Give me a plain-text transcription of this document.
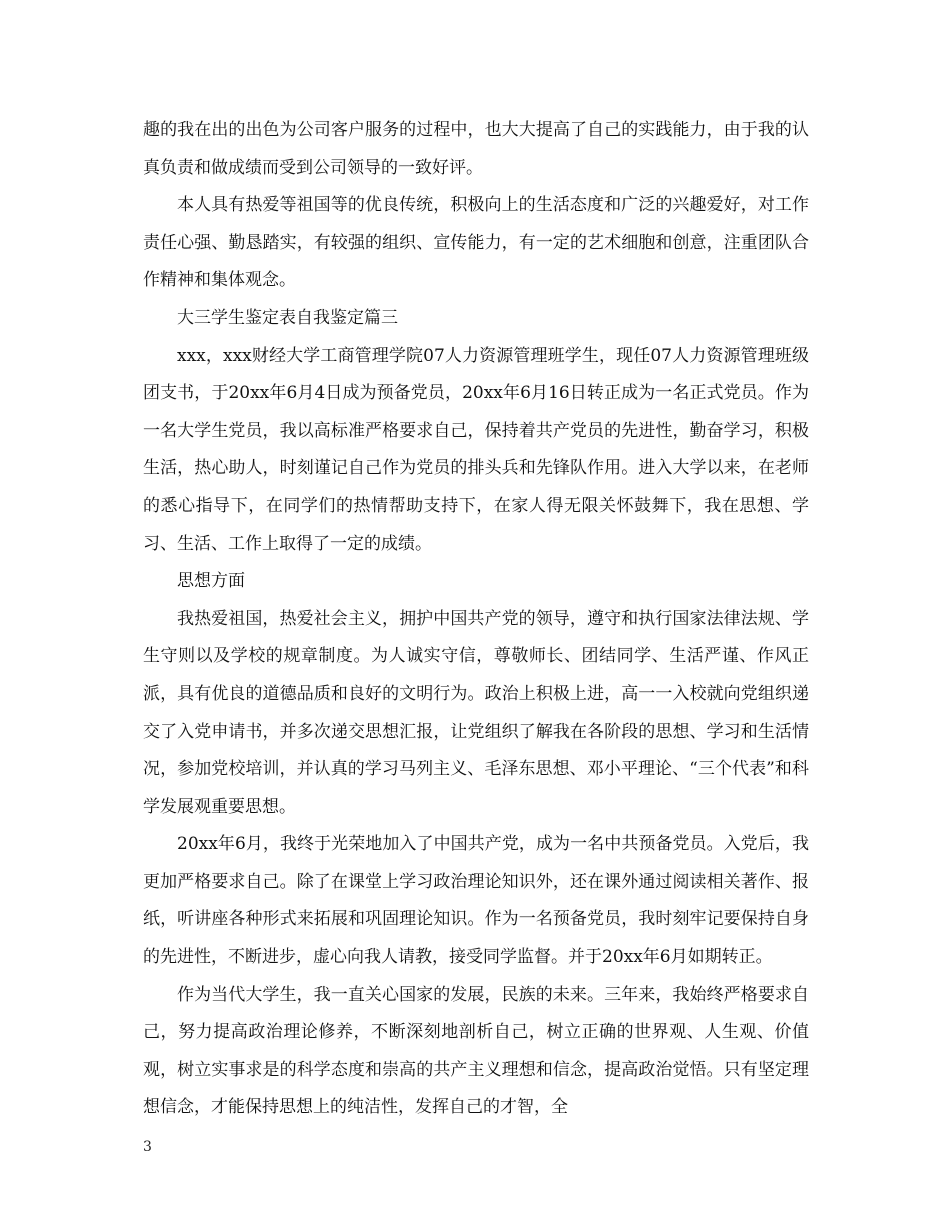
趣的我在出的出色为公司客户服务的过程中，也大大提高了自己的实践能力，由于我的认真负责和做成绩而受到公司领导的一致好评。

本人具有热爱等祖国等的优良传统，积极向上的生活态度和广泛的兴趣爱好，对工作责任心强、勤恳踏实，有较强的组织、宣传能力，有一定的艺术细胞和创意，注重团队合作精神和集体观念。

大三学生鉴定表自我鉴定篇三

xxx，xxx财经大学工商管理学院07人力资源管理班学生，现任07人力资源管理班级团支书，于20xx年6月4日成为预备党员，20xx年6月16日转正成为一名正式党员。作为一名大学生党员，我以高标准严格要求自己，保持着共产党员的先进性，勤奋学习，积极生活，热心助人，时刻谨记自己作为党员的排头兵和先锋队作用。进入大学以来，在老师的悉心指导下，在同学们的热情帮助支持下，在家人得无限关怀鼓舞下，我在思想、学习、生活、工作上取得了一定的成绩。

思想方面

我热爱祖国，热爱社会主义，拥护中国共产党的领导，遵守和执行国家法律法规、学生守则以及学校的规章制度。为人诚实守信，尊敬师长、团结同学、生活严谨、作风正派，具有优良的道德品质和良好的文明行为。政治上积极上进，高一一入校就向党组织递交了入党申请书，并多次递交思想汇报，让党组织了解我在各阶段的思想、学习和生活情况，参加党校培训，并认真的学习马列主义、毛泽东思想、邓小平理论、“三个代表”和科学发展观重要思想。

20xx年6月，我终于光荣地加入了中国共产党，成为一名中共预备党员。入党后，我更加严格要求自己。除了在课堂上学习政治理论知识外，还在课外通过阅读相关著作、报纸，听讲座各种形式来拓展和巩固理论知识。作为一名预备党员，我时刻牢记要保持自身的先进性，不断进步，虚心向我人请教，接受同学监督。并于20xx年6月如期转正。

作为当代大学生，我一直关心国家的发展，民族的未来。三年来，我始终严格要求自己，努力提高政治理论修养，不断深刻地剖析自己，树立正确的世界观、人生观、价值观，树立实事求是的科学态度和崇高的共产主义理想和信念，提高政治觉悟。只有坚定理想信念，才能保持思想上的纯洁性，发挥自己的才智，全

3
